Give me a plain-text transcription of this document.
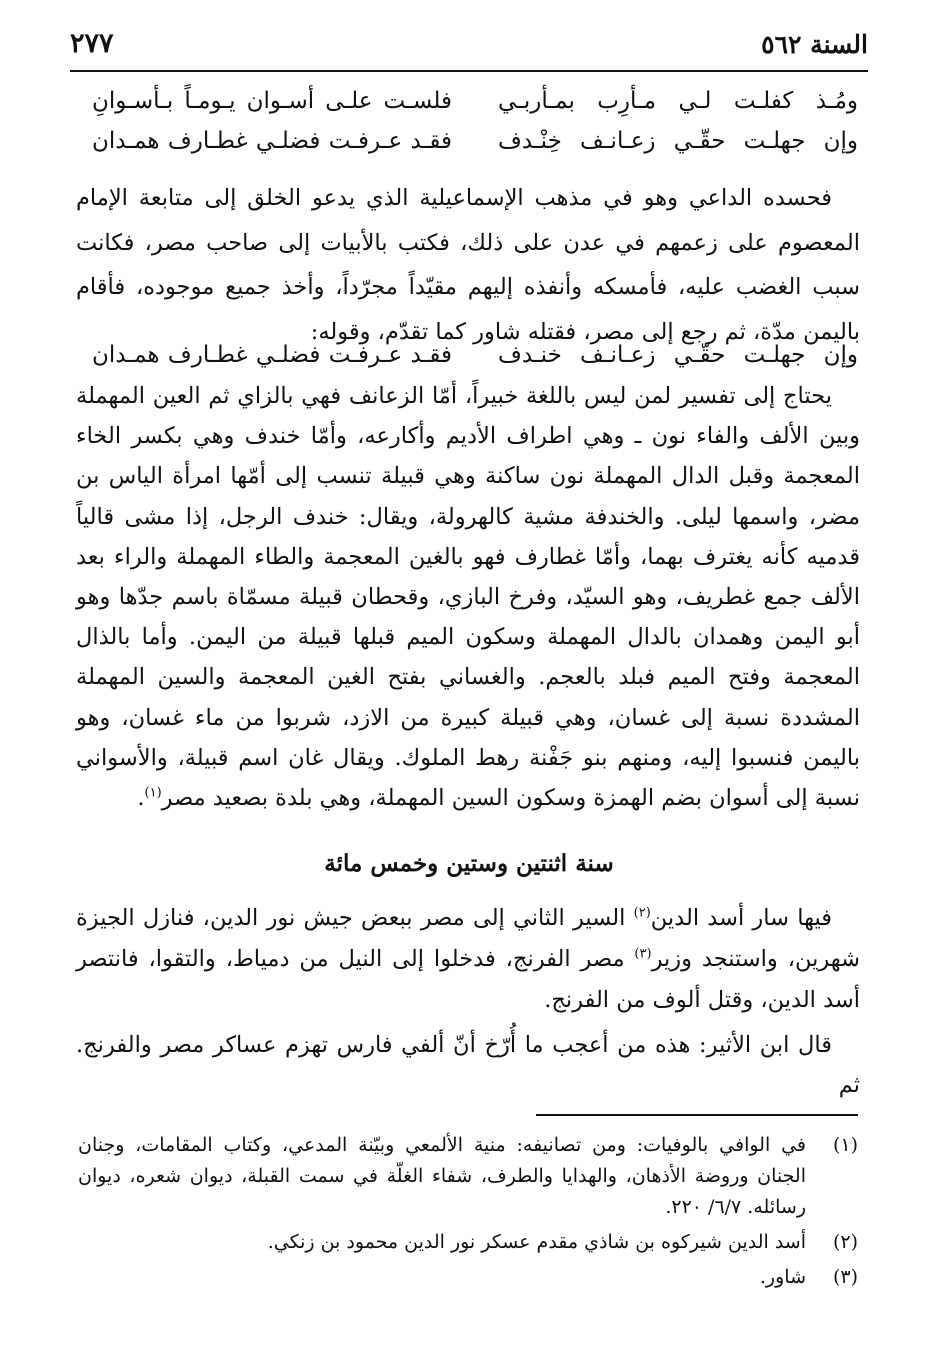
السنة ٥٦٢
٢٧٧
ومُـذ كفلـت لـي مـأرِب بمـأربـي
فلسـت علـى أسـوان يـومـاً بـأسـوانِ
وإن جهلـت حقّـي زعـانـف خِنْـدف
فقـد عـرفـت فضلـي غطـارف همـدان

فحسده الداعي وهو في مذهب الإسماعيلية الذي يدعو الخلق إلى متابعة الإمام المعصوم على زعمهم في عدن على ذلك، فكتب بالأبيات إلى صاحب مصر، فكانت سبب الغضب عليه، فأمسكه وأنفذه إليهم مقيّداً مجرّداً، وأخذ جميع موجوده، فأقام باليمن مدّة، ثم رجع إلى مصر، فقتله شاور كما تقدّم، وقوله:

وإن جهلـت حقّـي زعـانـف خنـدف
فقـد عـرفـت فضلـي غطـارف همـدان

يحتاج إلى تفسير لمن ليس باللغة خبيراً، أمّا الزعانف فهي بالزاي ثم العين المهملة وبين الألف والفاء نون ـ وهي اطراف الأديم وأكارعه، وأمّا خندف وهي بكسر الخاء المعجمة وقبل الدال المهملة نون ساكنة وهي قبيلة تنسب إلى أمّها امرأة الياس بن مضر، واسمها ليلى. والخندفة مشية كالهرولة، ويقال: خندف الرجل، إذا مشى قالياً قدميه كأنه يغترف بهما، وأمّا غطارف فهو بالغين المعجمة والطاء المهملة والراء بعد الألف جمع غطريف، وهو السيّد، وفرخ البازي، وقحطان قبيلة مسمّاة باسم جدّها وهو أبو اليمن وهمدان بالدال المهملة وسكون الميم قبلها قبيلة من اليمن. وأما بالذال المعجمة وفتح الميم فبلد بالعجم. والغساني بفتح الغين المعجمة والسين المهملة المشددة نسبة إلى غسان، وهي قبيلة كبيرة من الازد، شربوا من ماء غسان، وهو باليمن فنسبوا إليه، ومنهم بنو جَفْنة رهط الملوك. ويقال غان اسم قبيلة، والأسواني نسبة إلى أسوان بضم الهمزة وسكون السين المهملة، وهي بلدة بصعيد مصر$^{(١)}$.

سنة اثنتين وستين وخمس مائة

فيها سار أسد الدين$^{(٢)}$ السير الثاني إلى مصر ببعض جيش نور الدين، فنازل الجيزة شهرين، واستنجد وزير$^{(٣)}$ مصر الفرنج، فدخلوا إلى النيل من دمياط، والتقوا، فانتصر أسد الدين، وقتل ألوف من الفرنج.

قال ابن الأثير: هذه من أعجب ما أُرّخ أنّ ألفي فارس تهزم عساكر مصر والفرنج. ثم

(١)
في الوافي بالوفيات: ومن تصانيفه: منية الألمعي وبيّنة المدعي، وكتاب المقامات، وجنان الجنان وروضة الأذهان، والهدايا والطرف، شفاء الغلّة في سمت القبلة، ديوان شعره، ديوان رسائله. ٦/٧/ ٢٢٠.
(٢)
أسد الدين شيركوه بن شاذي مقدم عسكر نور الدين محمود بن زنكي.
(٣)
شاور.
